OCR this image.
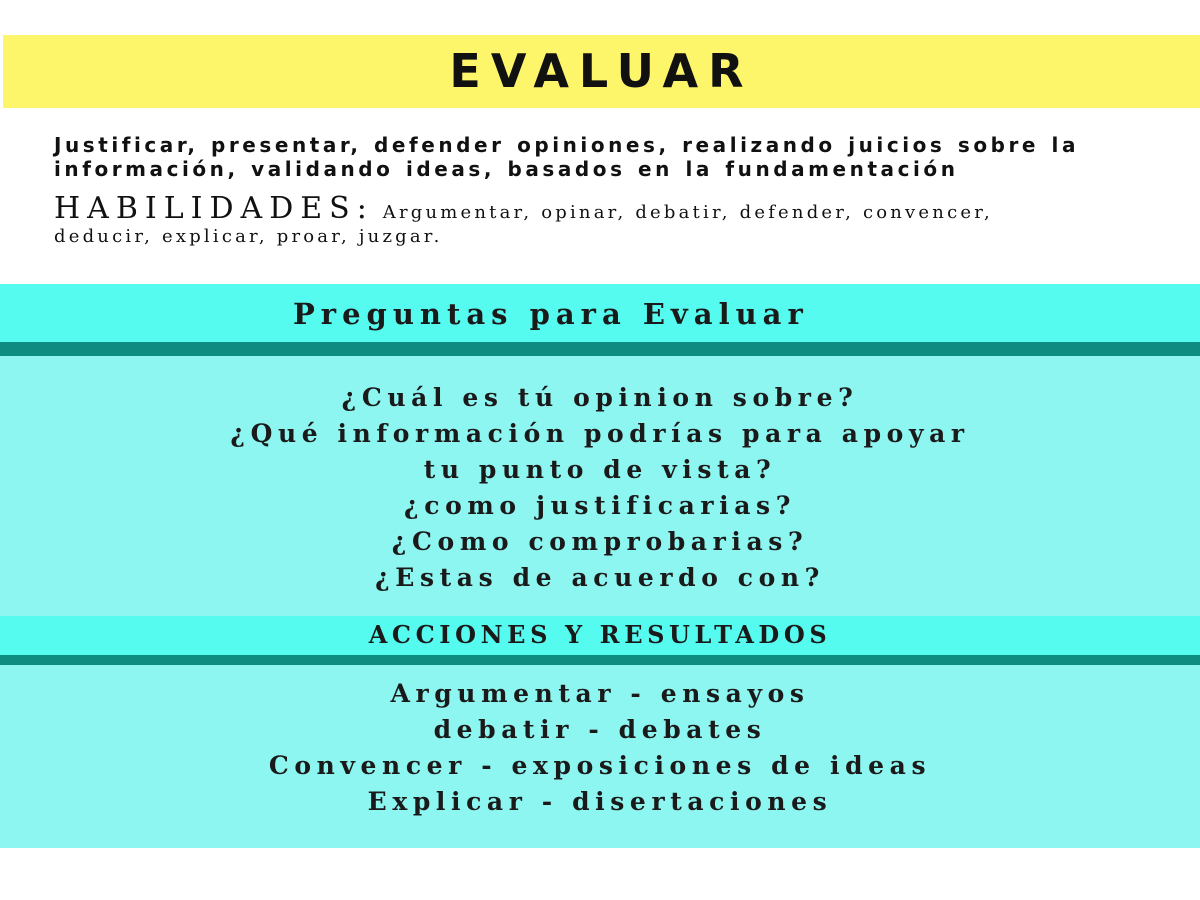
EVALUAR
Justificar, presentar, defender opiniones, realizando juicios sobre la
información, validando ideas, basados en la fundamentación
HABILIDADES: Argumentar, opinar, debatir, defender, convencer,
deducir, explicar, proar, juzgar.
Preguntas para Evaluar
¿Cuál es tú opinion sobre?
¿Qué información podrías para apoyar
tu punto de vista?
¿como justificarias?
¿Como comprobarias?
¿Estas de acuerdo con?
ACCIONES Y RESULTADOS
Argumentar - ensayos
debatir - debates
Convencer - exposiciones de ideas
Explicar - disertaciones
